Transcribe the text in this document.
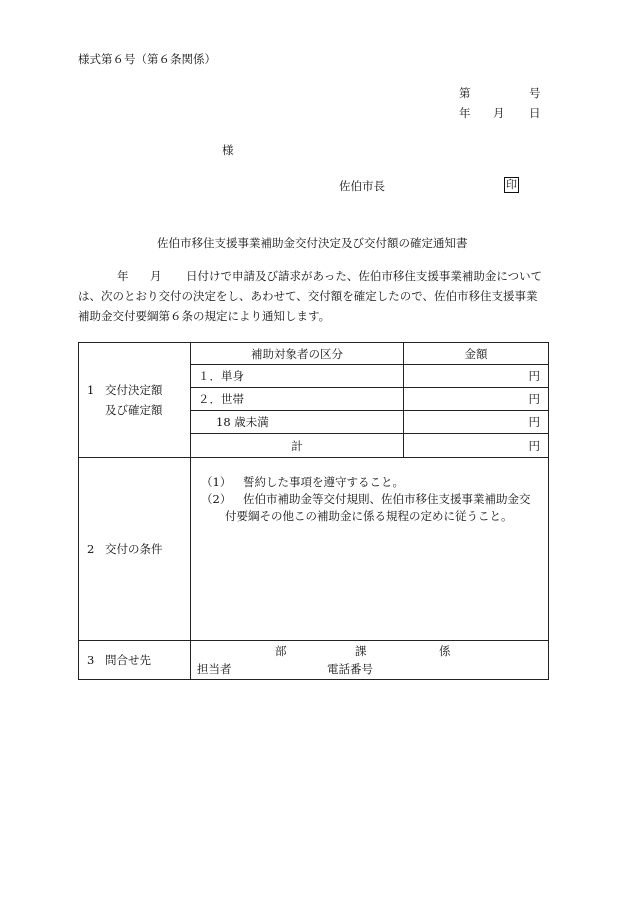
様式第６号（第６条関係）
第	号
年 月 日
様
佐伯市長	印
佐伯市移住支援事業補助金交付決定及び交付額の確定通知書
年 月 日付けで申請及び請求があった、佐伯市移住支援事業補助金について
は、次のとおり交付の決定をし、あわせて、交付額を確定したので、佐伯市移住支援事業
補助金交付要綱第６条の規定により通知します。
1 交付決定額
及び確定額	補助対象者の区分	金額
	１．単身	円
	２．世帯	円
	18 歳未満	円
	計	円
2 交付の条件	（1） 誓約した事項を遵守すること。
（2） 佐伯市補助金等交付規則、佐伯市移住支援事業補助金交
付要綱その他この補助金に係る規程の定めに従うこと。	

3 問合せ先	部 課 係
担当者 電話番号	
